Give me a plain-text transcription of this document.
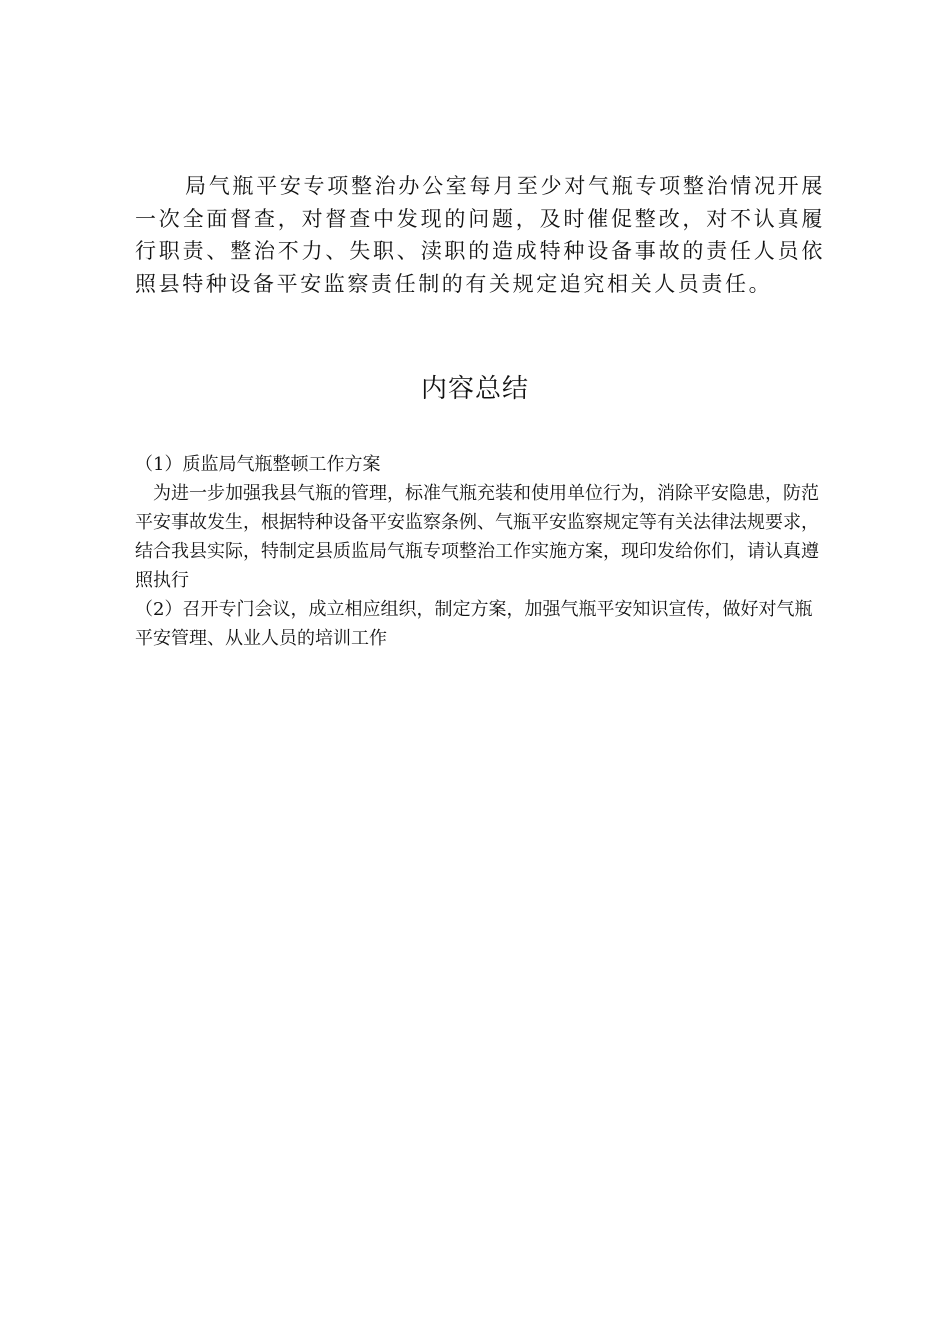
局气瓶平安专项整治办公室每月至少对气瓶专项整治情况开展一次全面督查，对督查中发现的问题，及时催促整改，对不认真履行职责、整治不力、失职、渎职的造成特种设备事故的责任人员依照县特种设备平安监察责任制的有关规定追究相关人员责任。

内容总结

（1）质监局气瓶整顿工作方案

为进一步加强我县气瓶的管理，标准气瓶充装和使用单位行为，消除平安隐患，防范平安事故发生，根据特种设备平安监察条例、气瓶平安监察规定等有关法律法规要求，结合我县实际，特制定县质监局气瓶专项整治工作实施方案，现印发给你们，请认真遵照执行

（2）召开专门会议，成立相应组织，制定方案，加强气瓶平安知识宣传，做好对气瓶平安管理、从业人员的培训工作
